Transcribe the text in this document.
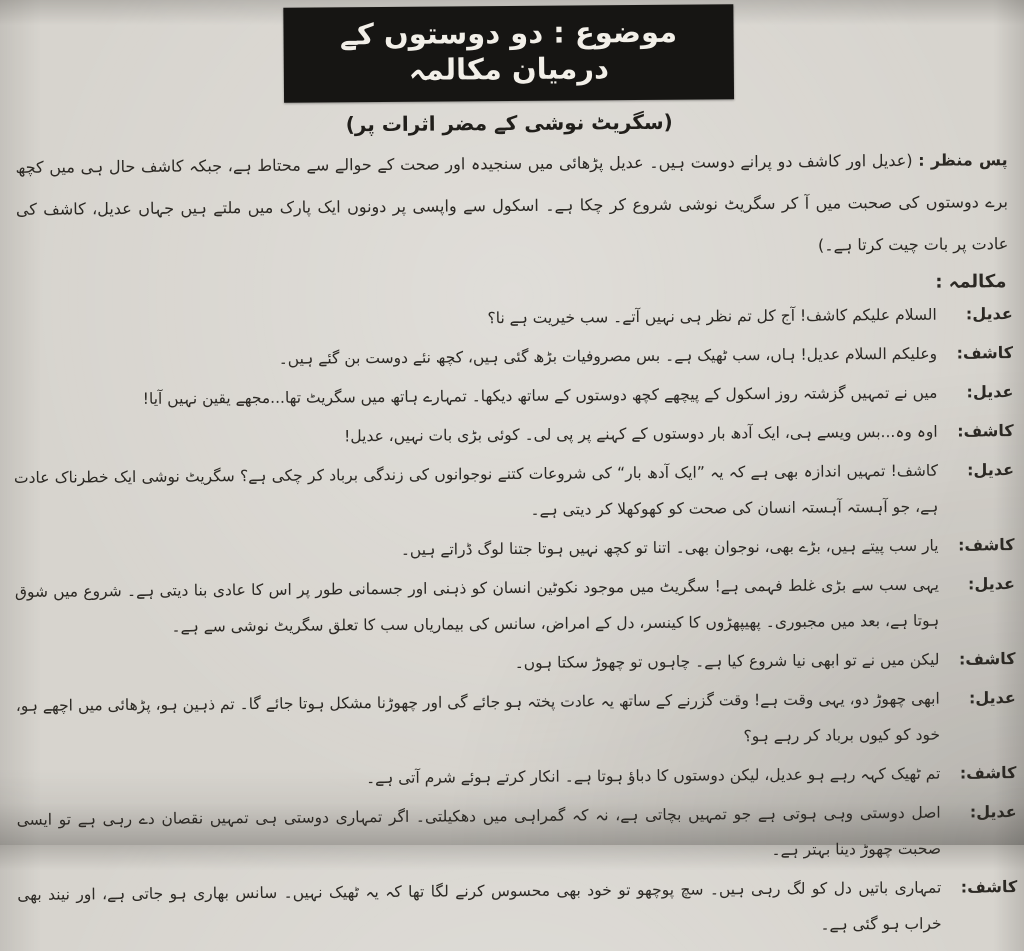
موضوع : دو دوستوں کے درمیان مکالمہ
(سگریٹ نوشی کے مضر اثرات پر)
پس منظر : (عدیل اور کاشف دو پرانے دوست ہیں۔ عدیل پڑھائی میں سنجیدہ اور صحت کے حوالے سے محتاط ہے، جبکہ کاشف حال ہی میں کچھ برے دوستوں کی صحبت میں آ کر سگریٹ نوشی شروع کر چکا ہے۔ اسکول سے واپسی پر دونوں ایک پارک میں ملتے ہیں جہاں عدیل، کاشف کی عادت پر بات چیت کرتا ہے۔)
مکالمہ :
عدیل:
السلام علیکم کاشف! آج کل تم نظر ہی نہیں آتے۔ سب خیریت ہے نا؟
کاشف:
وعلیکم السلام عدیل! ہاں، سب ٹھیک ہے۔ بس مصروفیات بڑھ گئی ہیں، کچھ نئے دوست بن گئے ہیں۔
عدیل:
میں نے تمہیں گزشتہ روز اسکول کے پیچھے کچھ دوستوں کے ساتھ دیکھا۔ تمہارے ہاتھ میں سگریٹ تھا...مجھے یقین نہیں آیا!
کاشف:
اوہ وہ...بس ویسے ہی، ایک آدھ بار دوستوں کے کہنے پر پی لی۔ کوئی بڑی بات نہیں، عدیل!
عدیل:
کاشف! تمہیں اندازہ بھی ہے کہ یہ ”ایک آدھ بار“ کی شروعات کتنے نوجوانوں کی زندگی برباد کر چکی ہے؟ سگریٹ نوشی ایک خطرناک عادت ہے، جو آہستہ آہستہ انسان کی صحت کو کھوکھلا کر دیتی ہے۔
کاشف:
یار سب پیتے ہیں، بڑے بھی، نوجوان بھی۔ اتنا تو کچھ نہیں ہوتا جتنا لوگ ڈراتے ہیں۔
عدیل:
یہی سب سے بڑی غلط فہمی ہے! سگریٹ میں موجود نکوٹین انسان کو ذہنی اور جسمانی طور پر اس کا عادی بنا دیتی ہے۔ شروع میں شوق ہوتا ہے، بعد میں مجبوری۔ پھیپھڑوں کا کینسر، دل کے امراض، سانس کی بیماریاں سب کا تعلق سگریٹ نوشی سے ہے۔
کاشف:
لیکن میں نے تو ابھی نیا شروع کیا ہے۔ چاہوں تو چھوڑ سکتا ہوں۔
عدیل:
ابھی چھوڑ دو، یہی وقت ہے! وقت گزرنے کے ساتھ یہ عادت پختہ ہو جائے گی اور چھوڑنا مشکل ہوتا جائے گا۔ تم ذہین ہو، پڑھائی میں اچھے ہو، خود کو کیوں برباد کر رہے ہو؟
کاشف:
تم ٹھیک کہہ رہے ہو عدیل، لیکن دوستوں کا دباؤ ہوتا ہے۔ انکار کرتے ہوئے شرم آتی ہے۔
عدیل:
اصل دوستی وہی ہوتی ہے جو تمہیں بچاتی ہے، نہ کہ گمراہی میں دھکیلتی۔ اگر تمہاری دوستی ہی تمہیں نقصان دے رہی ہے تو ایسی صحبت چھوڑ دینا بہتر ہے۔
کاشف:
تمہاری باتیں دل کو لگ رہی ہیں۔ سچ پوچھو تو خود بھی محسوس کرنے لگا تھا کہ یہ ٹھیک نہیں۔ سانس بھاری ہو جاتی ہے، اور نیند بھی خراب ہو گئی ہے۔
